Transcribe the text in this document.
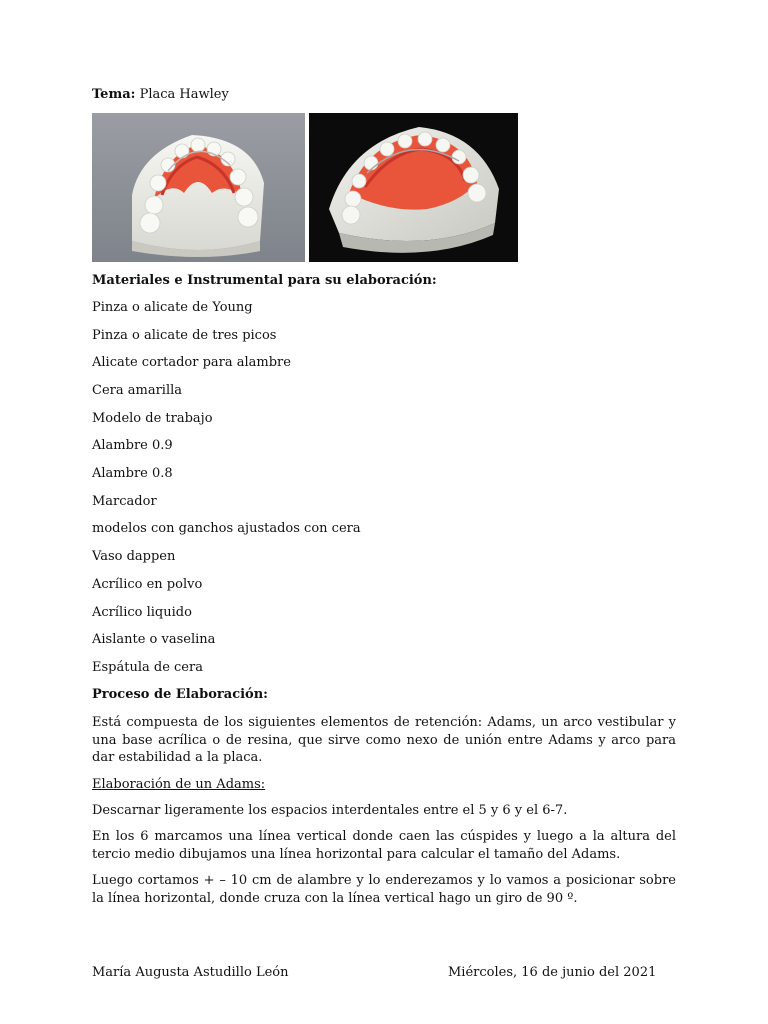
Tema: Placa Hawley
Materiales e Instrumental para su elaboración:
Pinza o alicate de Young
Pinza o alicate de tres picos
Alicate cortador para alambre
Cera amarilla
Modelo de trabajo
Alambre 0.9
Alambre 0.8
Marcador
modelos con ganchos ajustados con cera
Vaso dappen
Acrílico en polvo
Acrílico liquido
Aislante o vaselina
Espátula de cera
Proceso de Elaboración:
Está compuesta de los siguientes elementos de retención: Adams, un arco vestibular y una base acrílica o de resina, que sirve como nexo de unión entre Adams y arco para dar estabilidad a la placa.
Elaboración de un Adams:
Descarnar ligeramente los espacios interdentales entre el 5 y 6 y el 6-7.
En los 6 marcamos una línea vertical donde caen las cúspides y luego a la altura del tercio medio dibujamos una línea horizontal para calcular el tamaño del Adams.
Luego cortamos + – 10 cm de alambre y lo enderezamos y lo vamos a posicionar sobre la línea horizontal, donde cruza con la línea vertical hago un giro de 90 º.
María Augusta Astudillo León	Miércoles, 16 de junio del 2021
